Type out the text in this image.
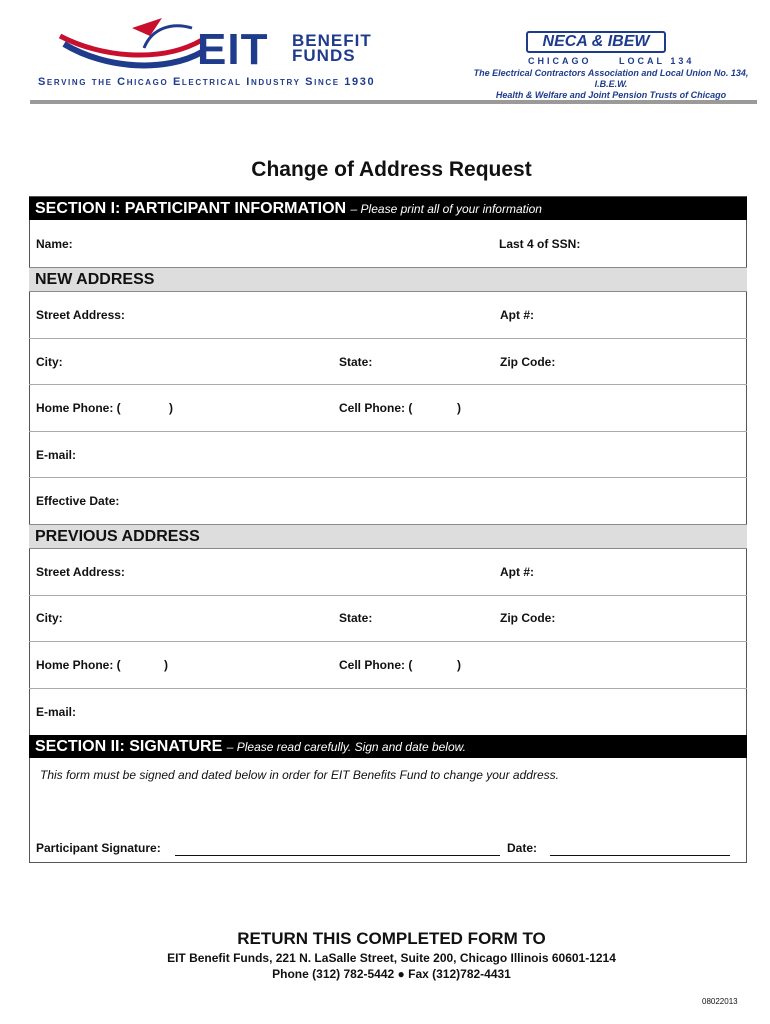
EIT BENEFIT
FUNDS
Serving the Chicago Electrical Industry Since 1930
NECA & IBEW
CHICAGO	LOCAL 134
The Electrical Contractors Association and Local Union No. 134, I.B.E.W.
Health & Welfare and Joint Pension Trusts of Chicago
Change of Address Request
SECTION I: PARTICIPANT INFORMATION – Please print all of your information
Name:	Last 4 of SSN:
NEW ADDRESS
Street Address:	Apt #:
City:	State:	Zip Code:
Home Phone: (	)	Cell Phone: (	)
E-mail:
Effective Date:
PREVIOUS ADDRESS
Street Address:	Apt #:
City:	State:	Zip Code:
Home Phone: (	)	Cell Phone: (	)
E-mail:
SECTION II: SIGNATURE – Please read carefully. Sign and date below.
This form must be signed and dated below in order for EIT Benefits Fund to change your address.
Participant Signature:	Date:
RETURN THIS COMPLETED FORM TO
EIT Benefit Funds, 221 N. LaSalle Street, Suite 200, Chicago Illinois 60601-1214
Phone (312) 782-5442 ● Fax (312)782-4431
08022013
